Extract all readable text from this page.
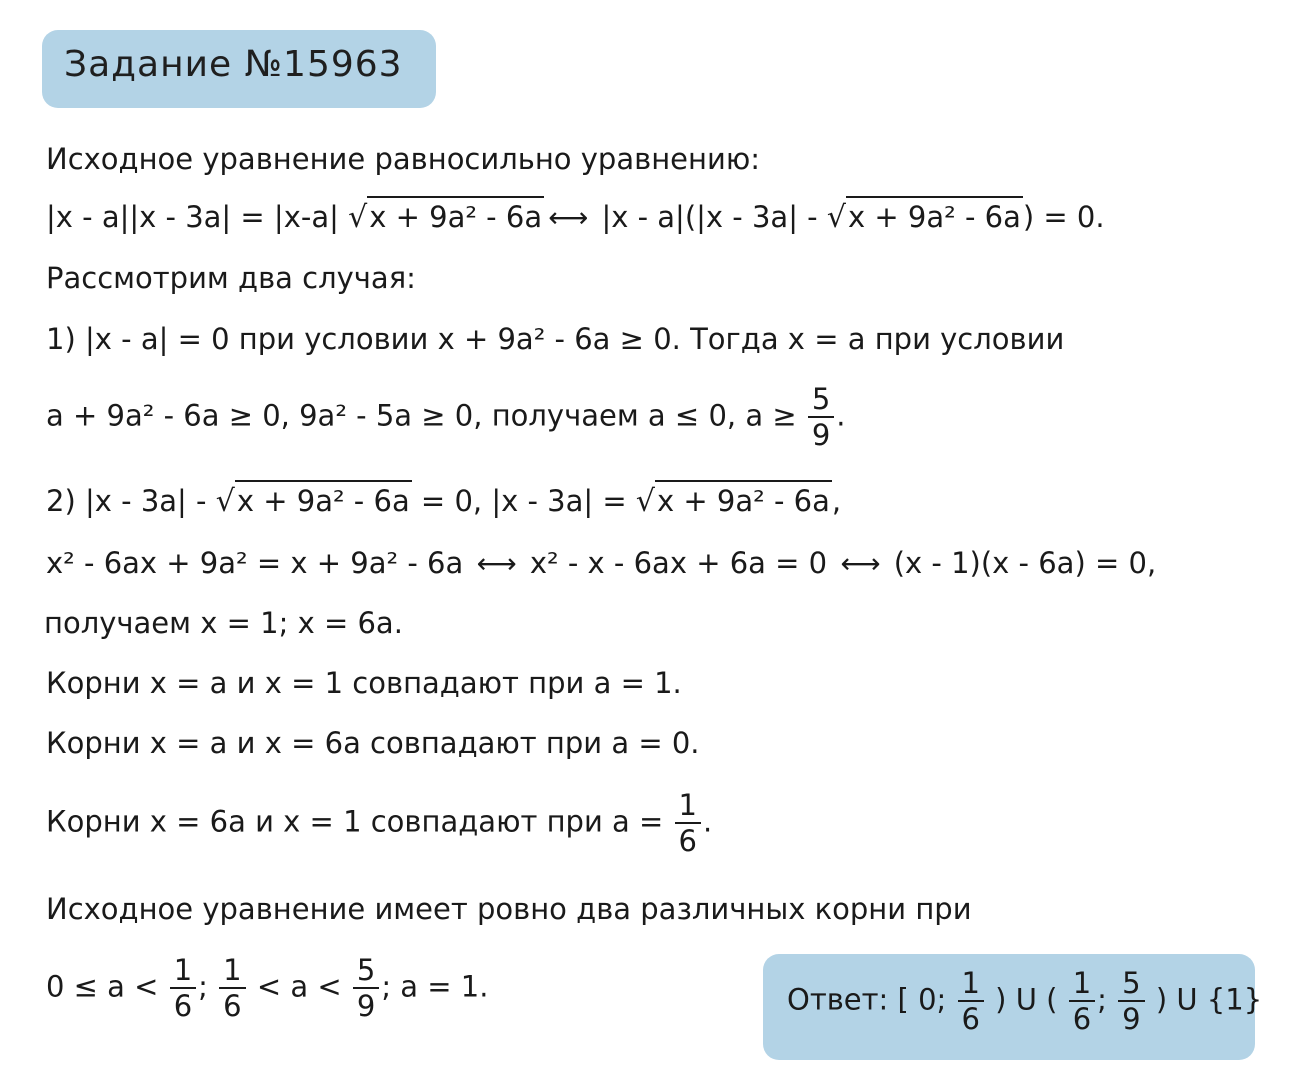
Задание №15963
Исходное уравнение равносильно уравнению:
|x - a||x - 3a| = |x-a| √x + 9a² - 6a ⟷ |x - a|(|x - 3a| - √x + 9a² - 6a) = 0.
Рассмотрим два случая:
1) |x - a| = 0 при условии x + 9a² - 6a ≥ 0. Тогда x = a при условии
a + 9a² - 6a ≥ 0, 9a² - 5a ≥ 0, получаем a ≤ 0, $a \ge \frac{5}{9}$ .
2) |x - 3a| - √x + 9a² - 6a = 0, |x - 3a| = √x + 9a² - 6a,
x² - 6ax + 9a² = x + 9a² - 6a ⟷ x² - x - 6ax + 6a = 0 ⟷ (x - 1)(x - 6a) = 0,
получаем x = 1; x = 6a.
Корни x = a и x = 1 совпадают при a = 1.
Корни x = a и x = 6a совпадают при a = 0.
Корни x = 6a и x = 1 совпадают при $a = \frac{1}{6}$ .
Исходное уравнение имеет ровно два различных корни при
$0 \le a < \frac{1}{6}$ ; $\frac{1}{6} < a < \frac{5}{9}$ ; a = 1.	Ответ: [ 0; $\frac{1}{6}$ ) U ( $\frac{1}{6}$ ; $\frac{5}{9}$ ) U {1}
